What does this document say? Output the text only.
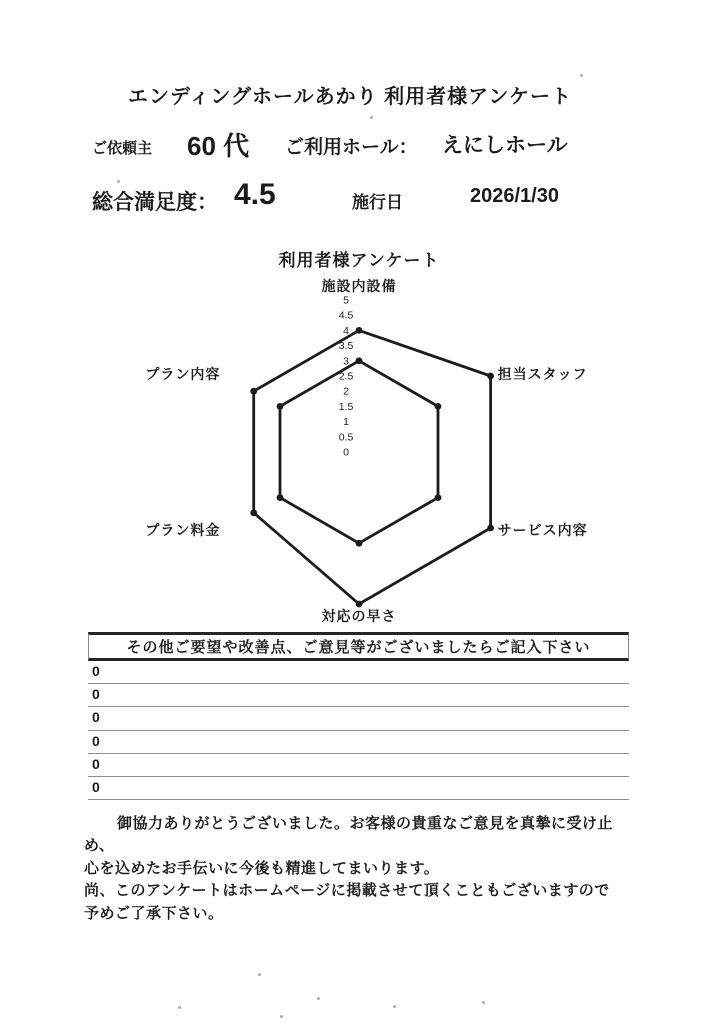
エンディングホールあかり 利用者様アンケート
ご依頼主 60 代 ご利用ホール： えにしホール
総合満足度： 4.5	施行日	2026/1/30
利用者様アンケート
5
4.5
4
3.5
3
2.5
2
1.5
1
0.5
0
施設内設備
担当スタッフ
サービス内容
対応の早さ
プラン料金
プラン内容
その他ご要望や改善点、ご意見等がございましたらご記入下さい
0
0
0
0
0
0
御協力ありがとうございました。お客様の貴重なご意見を真摯に受け止め、
心を込めたお手伝いに今後も精進してまいります。
尚、このアンケートはホームページに掲載させて頂くこともございますので
予めご了承下さい。
